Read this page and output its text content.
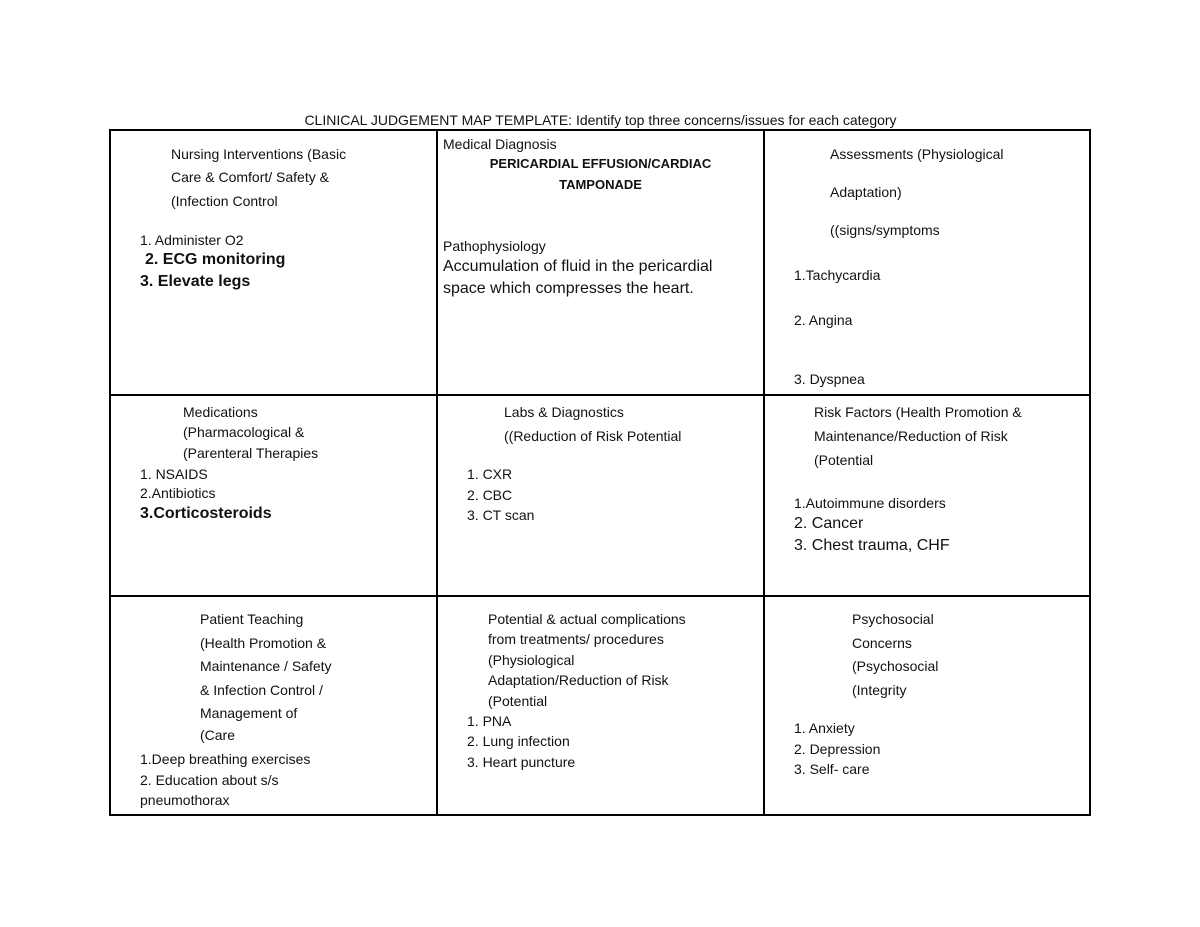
CLINICAL JUDGEMENT MAP TEMPLATE: Identify top three concerns/issues for each category
Nursing Interventions (Basic
Care & Comfort/ Safety &
(Infection Control
1. Administer O2
2. ECG monitoring
3. Elevate legs
Medical Diagnosis
PERICARDIAL EFFUSION/CARDIAC
TAMPONADE
Pathophysiology
Accumulation of fluid in the pericardial
space which compresses the heart.
Assessments (Physiological
Adaptation)
((signs/symptoms
1.Tachycardia
2. Angina
3. Dyspnea
Medications
(Pharmacological &
(Parenteral Therapies
1. NSAIDS
2.Antibiotics
3.Corticosteroids
Labs & Diagnostics
((Reduction of Risk Potential
1. CXR
2. CBC
3. CT scan
Risk Factors (Health Promotion &
Maintenance/Reduction of Risk
(Potential
1.Autoimmune disorders
2. Cancer
3. Chest trauma, CHF
Patient Teaching
(Health Promotion &
Maintenance / Safety
& Infection Control /
Management of
(Care
1.Deep breathing exercises
2. Education about s/s
pneumothorax
Potential & actual complications
from treatments/ procedures
(Physiological
Adaptation/Reduction of Risk
(Potential
1. PNA
2. Lung infection
3. Heart puncture
Psychosocial
Concerns
(Psychosocial
(Integrity
1. Anxiety
2. Depression
3. Self- care
